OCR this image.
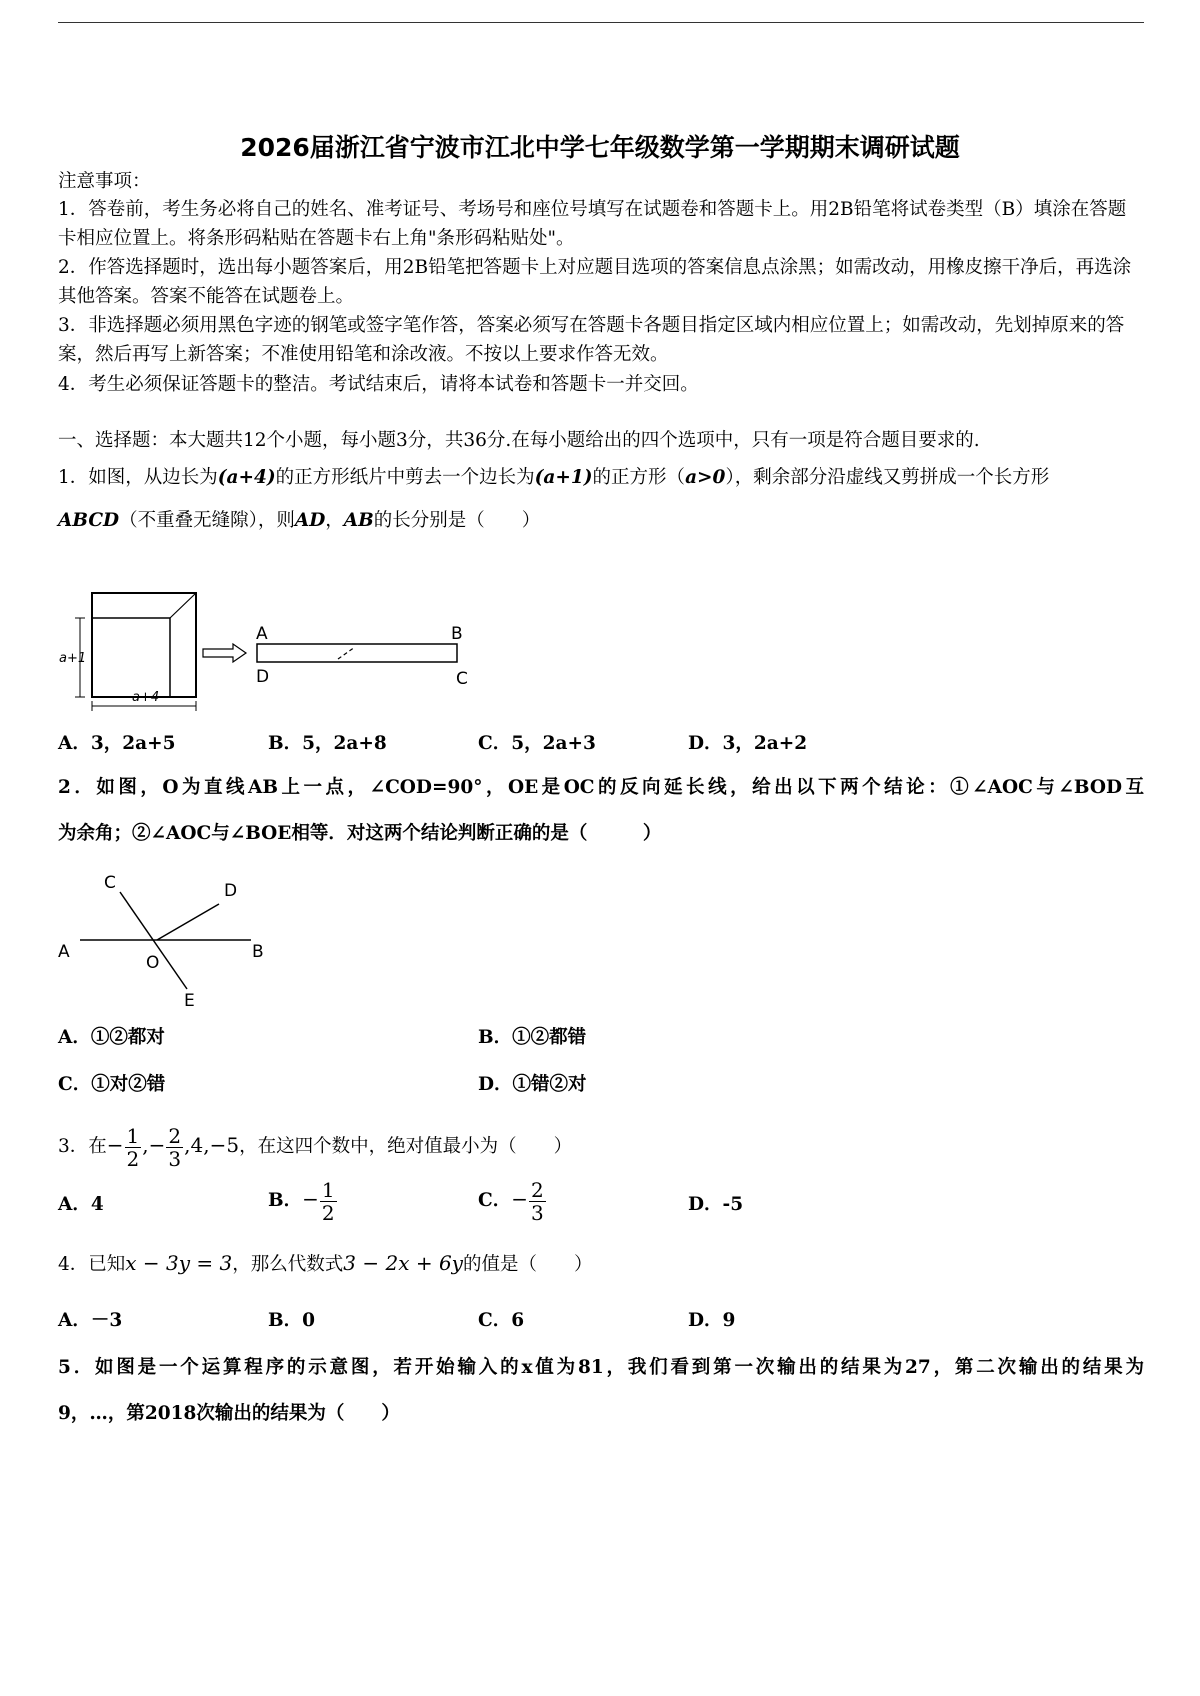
2026届浙江省宁波市江北中学七年级数学第一学期期末调研试题
注意事项：
1．答卷前，考生务必将自己的姓名、准考证号、考场号和座位号填写在试题卷和答题卡上。用2B铅笔将试卷类型（B）填涂在答题卡相应位置上。将条形码粘贴在答题卡右上角"条形码粘贴处"。
2．作答选择题时，选出每小题答案后，用2B铅笔把答题卡上对应题目选项的答案信息点涂黑；如需改动，用橡皮擦干净后，再选涂其他答案。答案不能答在试题卷上。
3．非选择题必须用黑色字迹的钢笔或签字笔作答，答案必须写在答题卡各题目指定区域内相应位置上；如需改动，先划掉原来的答案，然后再写上新答案；不准使用铅笔和涂改液。不按以上要求作答无效。
4．考生必须保证答题卡的整洁。考试结束后，请将本试卷和答题卡一并交回。
一、选择题：本大题共12个小题，每小题3分，共36分.在每小题给出的四个选项中，只有一项是符合题目要求的.
1．如图，从边长为(a+4)的正方形纸片中剪去一个边长为(a+1)的正方形（a>0），剩余部分沿虚线又剪拼成一个长方形
ABCD（不重叠无缝隙），则AD，AB的长分别是（　　）
a+1
a+4
A	B
C
D
A．3，2a+5	B．5，2a+8	C．5，2a+3	D．3，2a+2
2．如图，O为直线AB上一点，∠COD=90°，OE是OC的反向延长线，给出以下两个结论：①∠AOC与∠BOD互
为余角；②∠AOC与∠BOE相等．对这两个结论判断正确的是（　　　）
A	B
C	D
O
E
A．①②都对	B．①②都错
C．①对②错	D．①错②对
3．在− $\frac{1}{2}$ ,− $\frac{2}{3} ,4,-5$，在这四个数中，绝对值最小为（　　）
A．4	B．− $\frac{1}{2}$	C．− $\frac{2}{3}$	D．-5
4．已知x − 3y = 3，那么代数式3 − 2x + 6y的值是（　　）
A．－3	B．0	C．6	D．9
5．如图是一个运算程序的示意图，若开始输入的x值为81，我们看到第一次输出的结果为27，第二次输出的结果为
9，…，第2018次输出的结果为（　　）
